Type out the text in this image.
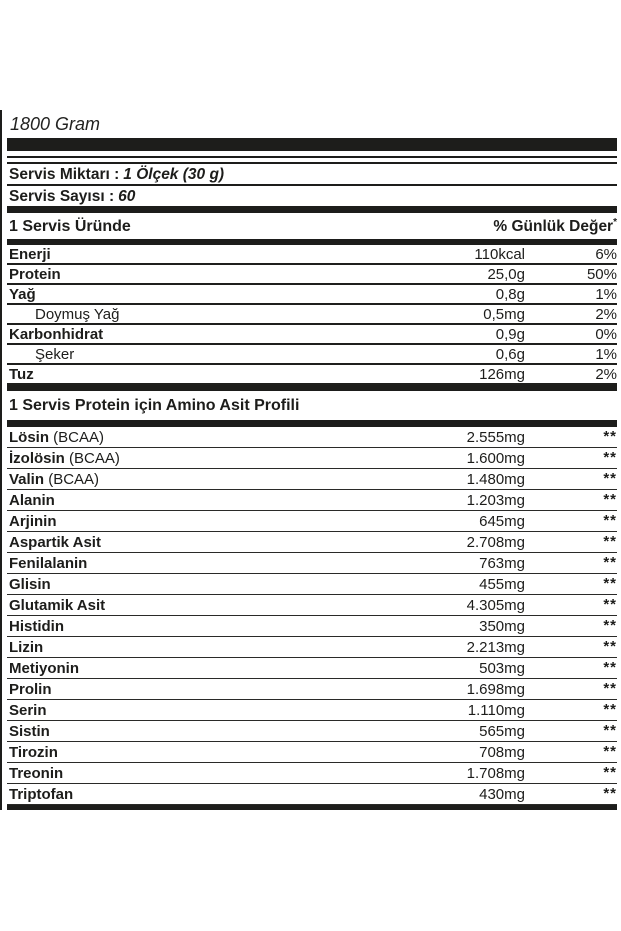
1800 Gram
Servis Miktarı : 1 Ölçek (30 g)
Servis Sayısı : 60
1 Servis Üründe	% Günlük Değer*
Enerji	110kcal	6%
Protein	25,0g	50%
Yağ	0,8g	1%
Doymuş Yağ	0,5mg	2%
Karbonhidrat	0,9g	0%
Şeker	0,6g	1%
Tuz	126mg	2%
1 Servis Protein için Amino Asit Profili
Lösin (BCAA)	2.555mg	**
İzolösin (BCAA)	1.600mg	**
Valin (BCAA)	1.480mg	**
Alanin	1.203mg	**
Arjinin	645mg	**
Aspartik Asit	2.708mg	**
Fenilalanin	763mg	**
Glisin	455mg	**
Glutamik Asit	4.305mg	**
Histidin	350mg	**
Lizin	2.213mg	**
Metiyonin	503mg	**
Prolin	1.698mg	**
Serin	1.110mg	**
Sistin	565mg	**
Tirozin	708mg	**
Treonin	1.708mg	**
Triptofan	430mg	**
